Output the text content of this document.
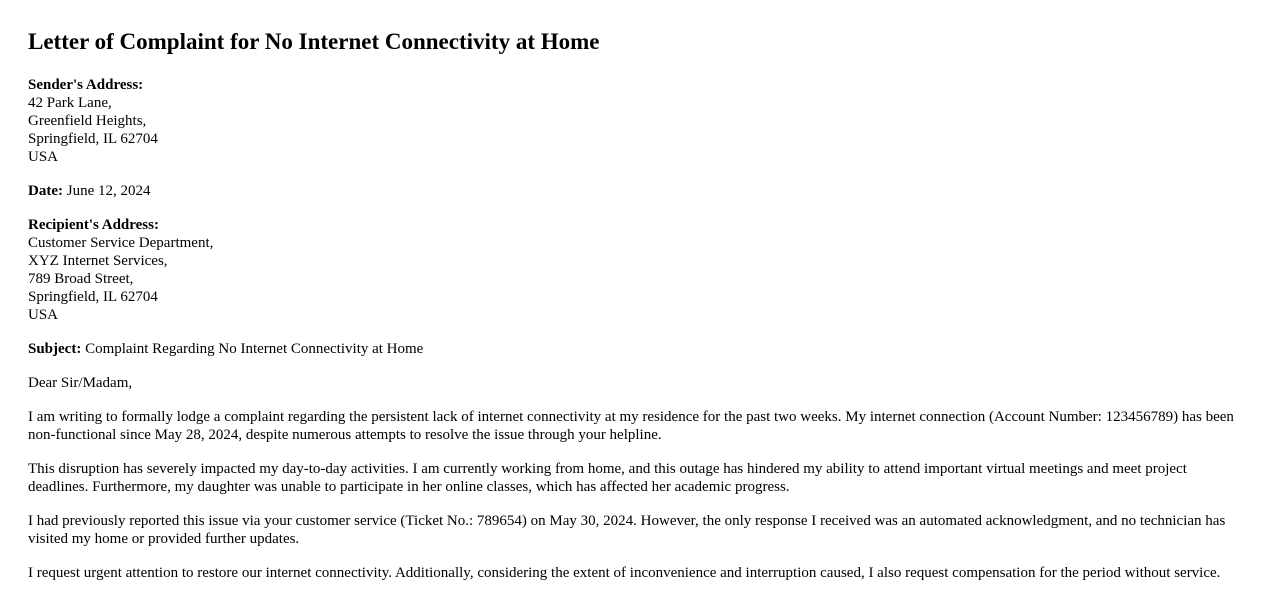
Letter of Complaint for No Internet Connectivity at Home
Sender's Address:
42 Park Lane,
Greenfield Heights,
Springfield, IL 62704
USA
Date: June 12, 2024
Recipient's Address:
Customer Service Department,
XYZ Internet Services,
789 Broad Street,
Springfield, IL 62704
USA
Subject: Complaint Regarding No Internet Connectivity at Home
Dear Sir/Madam,

I am writing to formally lodge a complaint regarding the persistent lack of internet connectivity at my residence for the past two weeks. My internet connection (Account Number: 123456789) has been non-functional since May 28, 2024, despite numerous attempts to resolve the issue through your helpline.

This disruption has severely impacted my day-to-day activities. I am currently working from home, and this outage has hindered my ability to attend important virtual meetings and meet project deadlines. Furthermore, my daughter was unable to participate in her online classes, which has affected her academic progress.

I had previously reported this issue via your customer service (Ticket No.: 789654) on May 30, 2024. However, the only response I received was an automated acknowledgment, and no technician has visited my home or provided further updates.

I request urgent attention to restore our internet connectivity. Additionally, considering the extent of inconvenience and interruption caused, I also request compensation for the period without service.
